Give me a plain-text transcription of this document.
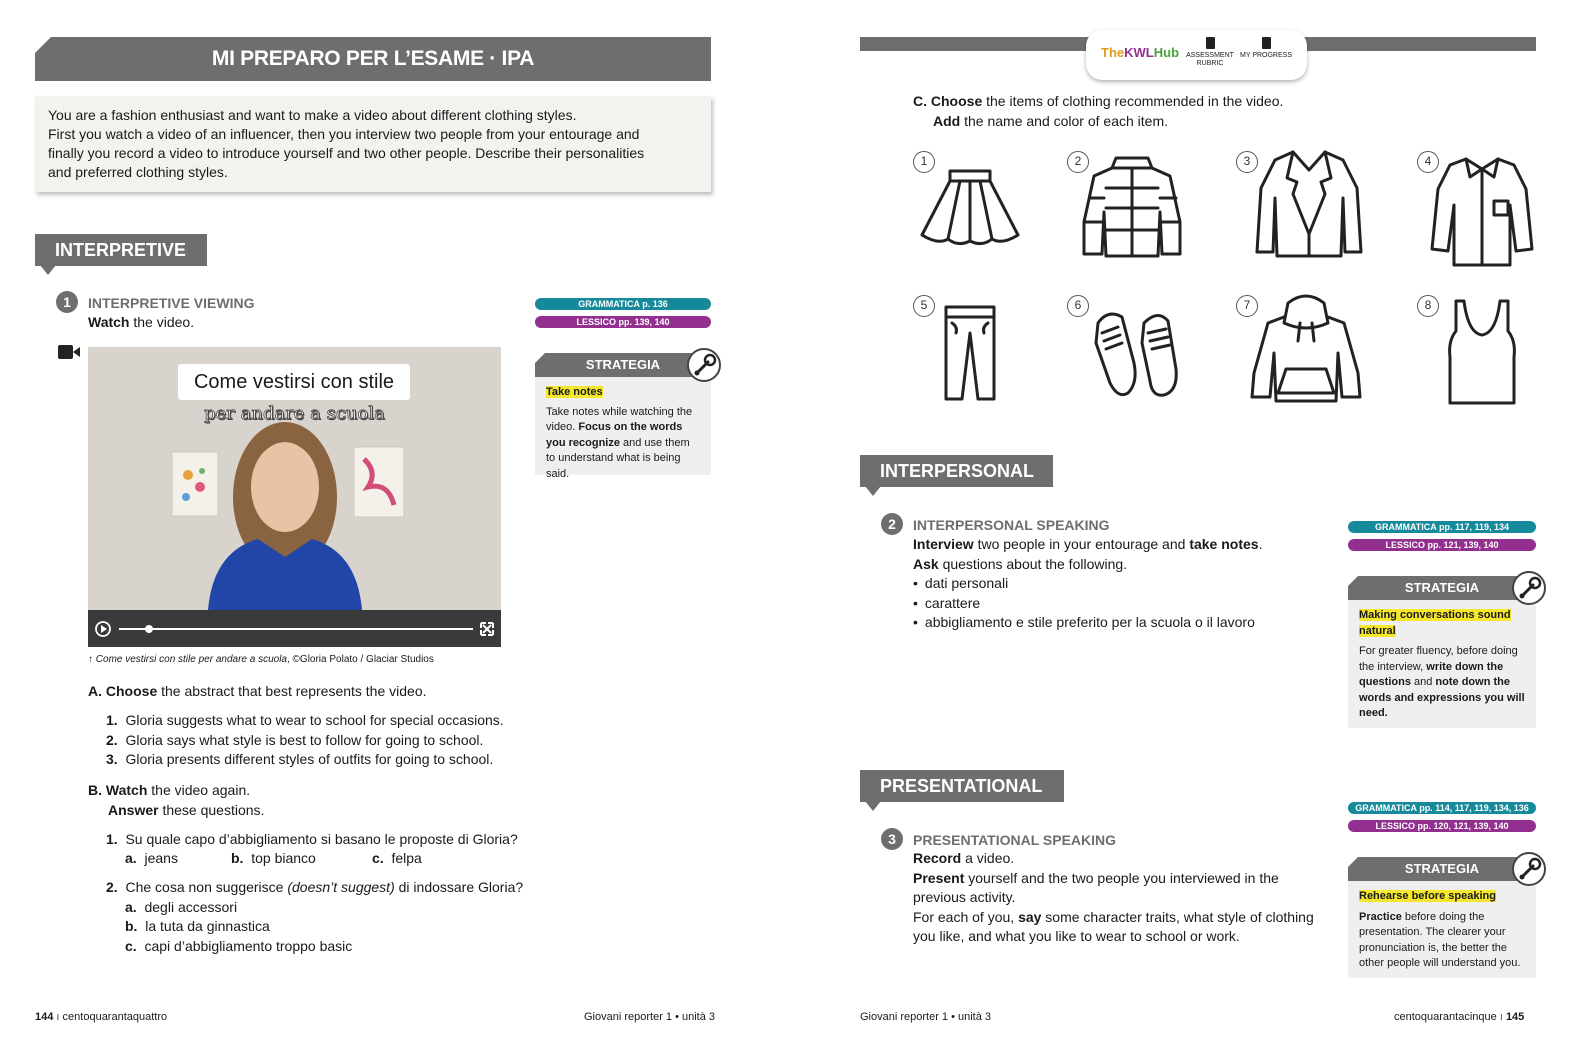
MI PREPARO PER L’ESAME · IPA
You are a fashion enthusiast and want to make a video about different clothing styles.
First you watch a video of an influencer, then you interview two people from your entourage and
finally you record a video to introduce yourself and two other people. Describe their personalities
and preferred clothing styles.
INTERPRETIVE
1	INTERPRETIVE VIEWING
Watch the video.
GRAMMATICA p. 136
LESSICO pp. 139, 140
STRATEGIA
Take notes
Take notes while watching the video. Focus on the words you recognize and use them to understand what is being said.
Come vestirsi con stile
per andare a scuola
↑ Come vestirsi con stile per andare a scuola, ©Gloria Polato / Glaciar Studios
A. Choose the abstract that best represents the video.
1. Gloria suggests what to wear to school for special occasions.
2. Gloria says what style is best to follow for going to school.
3. Gloria presents different styles of outfits for going to school.
B. Watch the video again.
Answer these questions.
1. Su quale capo d’abbigliamento si basano le proposte di Gloria?
a. jeans	b. top bianco	c. felpa
2. Che cosa non suggerisce (doesn’t suggest) di indossare Gloria?
a. degli accessori
b. la tuta da ginnastica
c. capi d’abbigliamento troppo basic
144 ı centoquarantaquattro	Giovani reporter 1 • unità 3
TheKWLHub	ASSESSMENT RUBRIC
MY PROGRESS
C. Choose the items of clothing recommended in the video.
Add the name and color of each item.
1	2	3	4
5	6	7	8
INTERPERSONAL
2	INTERPERSONAL SPEAKING
Interview two people in your entourage and take notes.
Ask questions about the following.
• dati personali
• carattere
• abbigliamento e stile preferito per la scuola o il lavoro
GRAMMATICA pp. 117, 119, 134
LESSICO pp. 121, 139, 140
STRATEGIA
Making conversations sound natural
For greater fluency, before doing the interview, write down the questions and note down the words and expressions you will need.
PRESENTATIONAL
3	PRESENTATIONAL SPEAKING
Record a video.
Present yourself and the two people you interviewed in the previous activity.
For each of you, say some character traits, what style of clothing you like, and what you like to wear to school or work.
GRAMMATICA pp. 114, 117, 119, 134, 136
LESSICO pp. 120, 121, 139, 140
STRATEGIA
Rehearse before speaking
Practice before doing the presentation. The clearer your pronunciation is, the better the other people will understand you.
Giovani reporter 1 • unità 3	centoquarantacinque ı 145
